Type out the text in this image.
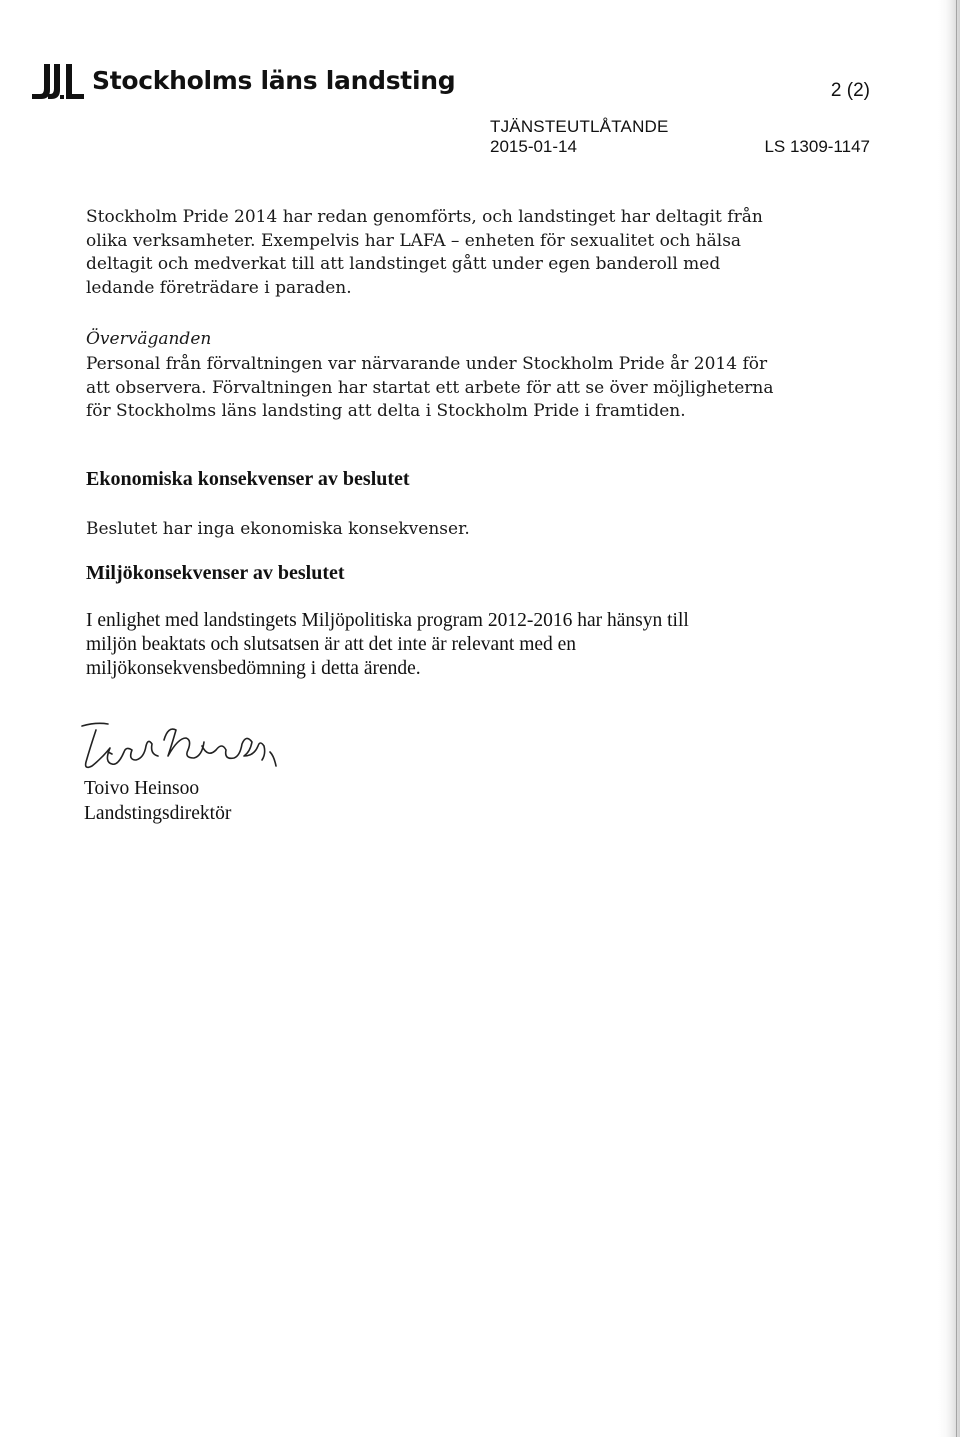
Stockholms läns landsting	2 (2)
TJÄNSTEUTLÅTANDE
2015-01-14	LS 1309-1147

Stockholm Pride 2014 har redan genomförts, och landstinget har deltagit från olika verksamheter. Exempelvis har LAFA – enheten för sexualitet och hälsa deltagit och medverkat till att landstinget gått under egen banderoll med ledande företrädare i paraden.

Överväganden

Personal från förvaltningen var närvarande under Stockholm Pride år 2014 för att observera. Förvaltningen har startat ett arbete för att se över möjligheterna för Stockholms läns landsting att delta i Stockholm Pride i framtiden.

Ekonomiska konsekvenser av beslutet

Beslutet har inga ekonomiska konsekvenser.

Miljökonsekvenser av beslutet

I enlighet med landstingets Miljöpolitiska program 2012-2016 har hänsyn till miljön beaktats och slutsatsen är att det inte är relevant med en miljökonsekvensbedömning i detta ärende.

Toivo Heinsoo
Landstingsdirektör
